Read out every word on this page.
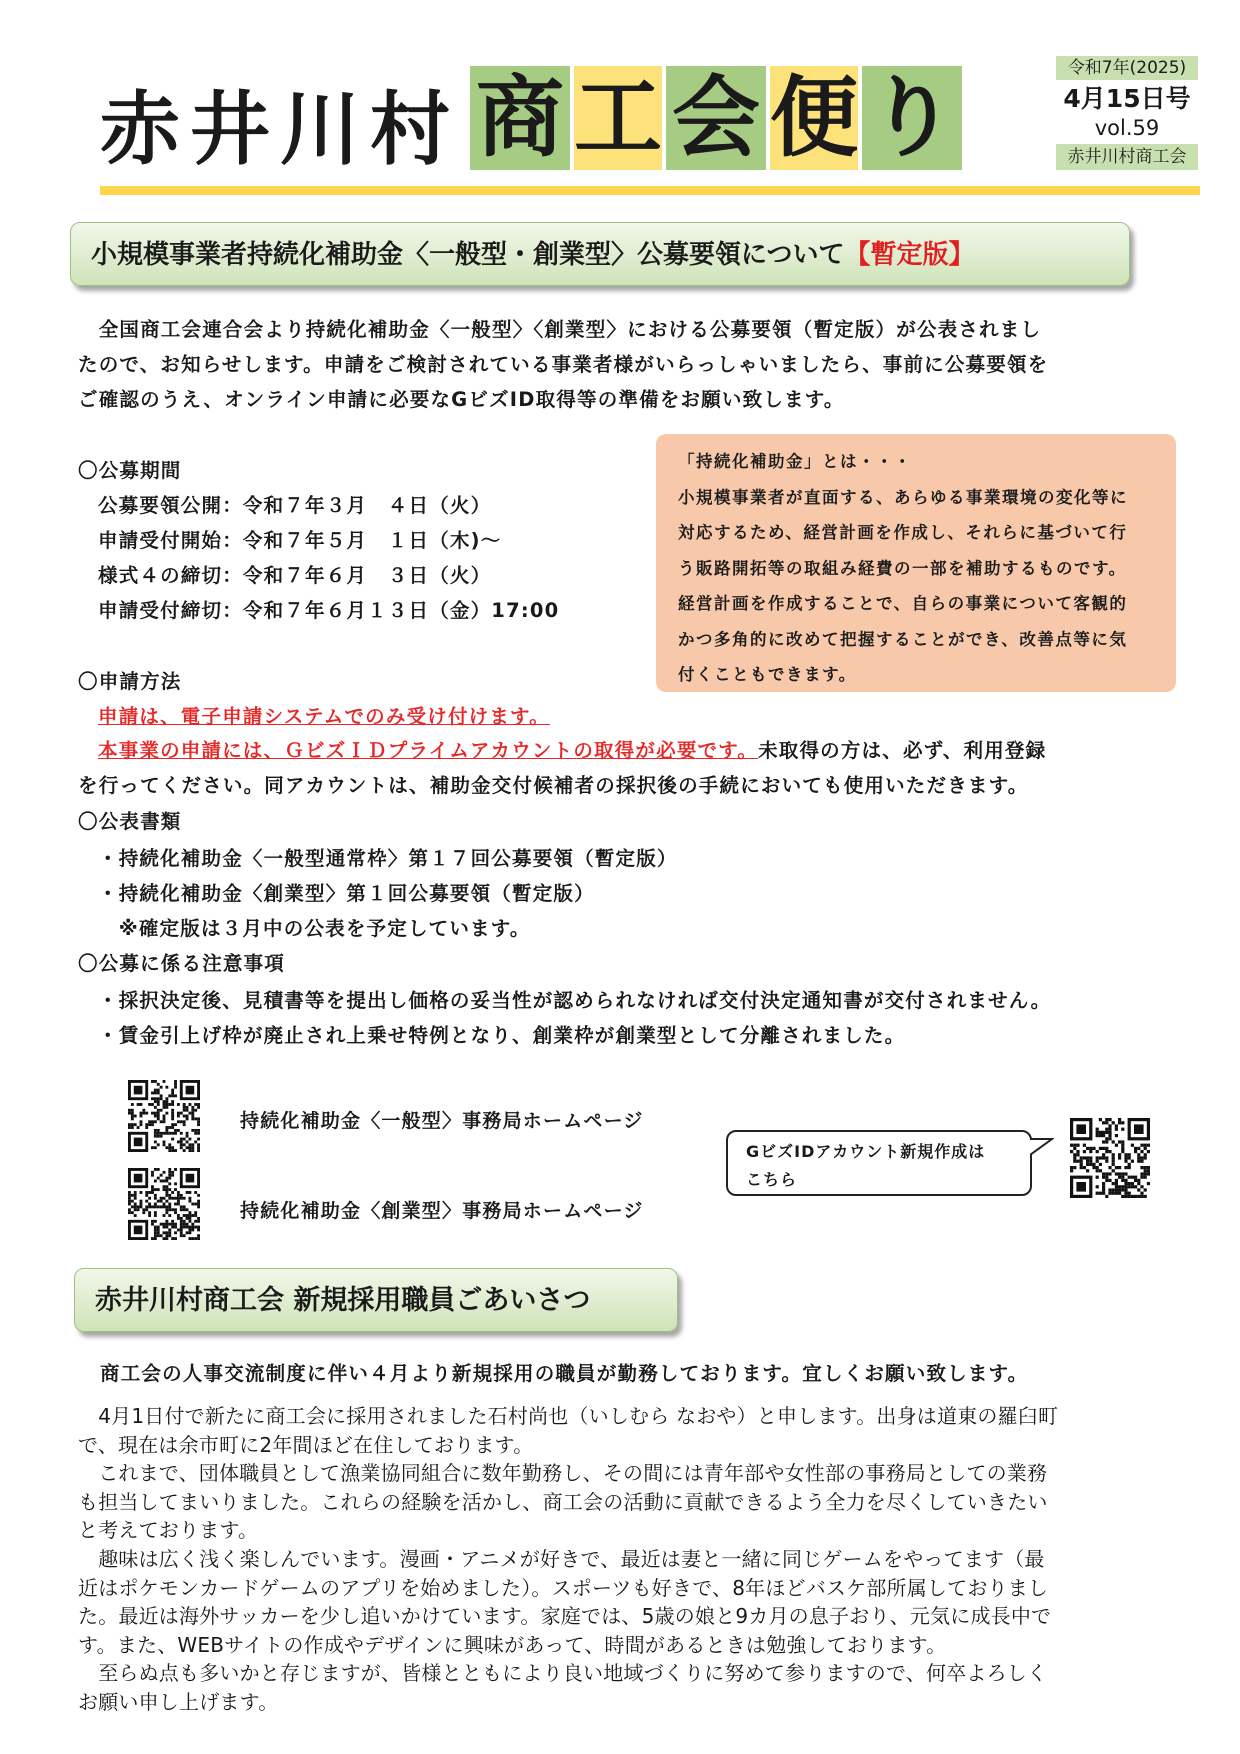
赤井川村 商 工 会 便 り	令和7年(2025)
4月15日号
vol.59
赤井川村商工会
小規模事業者持続化補助金〈一般型・創業型〉公募要領について【暫定版】
　全国商工会連合会より持続化補助金〈一般型〉〈創業型〉における公募要領（暫定版）が公表されまし
たので、お知らせします。申請をご検討されている事業者様がいらっしゃいましたら、事前に公募要領を
ご確認のうえ、オンライン申請に必要なGビズID取得等の準備をお願い致します。
〇公募期間
公募要領公開：令和７年３月　４日（火）
申請受付開始：令和７年５月　１日（木)～
様式４の締切：令和７年６月　３日（火）
申請受付締切：令和７年６月１３日（金）17:00
「持続化補助金」とは・・・
小規模事業者が直面する、あらゆる事業環境の変化等に
対応するため、経営計画を作成し、それらに基づいて行
う販路開拓等の取組み経費の一部を補助するものです。
経営計画を作成することで、自らの事業について客観的
かつ多角的に改めて把握することができ、改善点等に気
付くこともできます。
〇申請方法
申請は、電子申請システムでのみ受け付けます。
本事業の申請には、ＧビズＩＤプライムアカウントの取得が必要です。未取得の方は、必ず、利用登録
を行ってください。同アカウントは、補助金交付候補者の採択後の手続においても使用いただきます。
〇公表書類
・持続化補助金〈一般型通常枠〉第１７回公募要領（暫定版）
・持続化補助金〈創業型〉第１回公募要領（暫定版）
　※確定版は３月中の公表を予定しています。
〇公募に係る注意事項
・採択決定後、見積書等を提出し価格の妥当性が認められなければ交付決定通知書が交付されません。
・賃金引上げ枠が廃止され上乗せ特例となり、創業枠が創業型として分離されました。
持続化補助金〈一般型〉事務局ホームページ
持続化補助金〈創業型〉事務局ホームページ
GビズIDアカウント新規作成は
こちら
赤井川村商工会 新規採用職員ごあいさつ
商工会の人事交流制度に伴い４月より新規採用の職員が勤務しております。宜しくお願い致します。
　4月1日付で新たに商工会に採用されました石村尚也（いしむら なおや）と申します。出身は道東の羅臼町
で、現在は余市町に2年間ほど在住しております。
　これまで、団体職員として漁業協同組合に数年勤務し、その間には青年部や女性部の事務局としての業務
も担当してまいりました。これらの経験を活かし、商工会の活動に貢献できるよう全力を尽くしていきたい
と考えております。
　趣味は広く浅く楽しんでいます。漫画・アニメが好きで、最近は妻と一緒に同じゲームをやってます（最
近はポケモンカードゲームのアプリを始めました）。スポーツも好きで、8年ほどバスケ部所属しておりまし
た。最近は海外サッカーを少し追いかけています。家庭では、5歳の娘と9カ月の息子おり、元気に成長中で
す。また、WEBサイトの作成やデザインに興味があって、時間があるときは勉強しております。
　至らぬ点も多いかと存じますが、皆様とともにより良い地域づくりに努めて参りますので、何卒よろしく
お願い申し上げます。
